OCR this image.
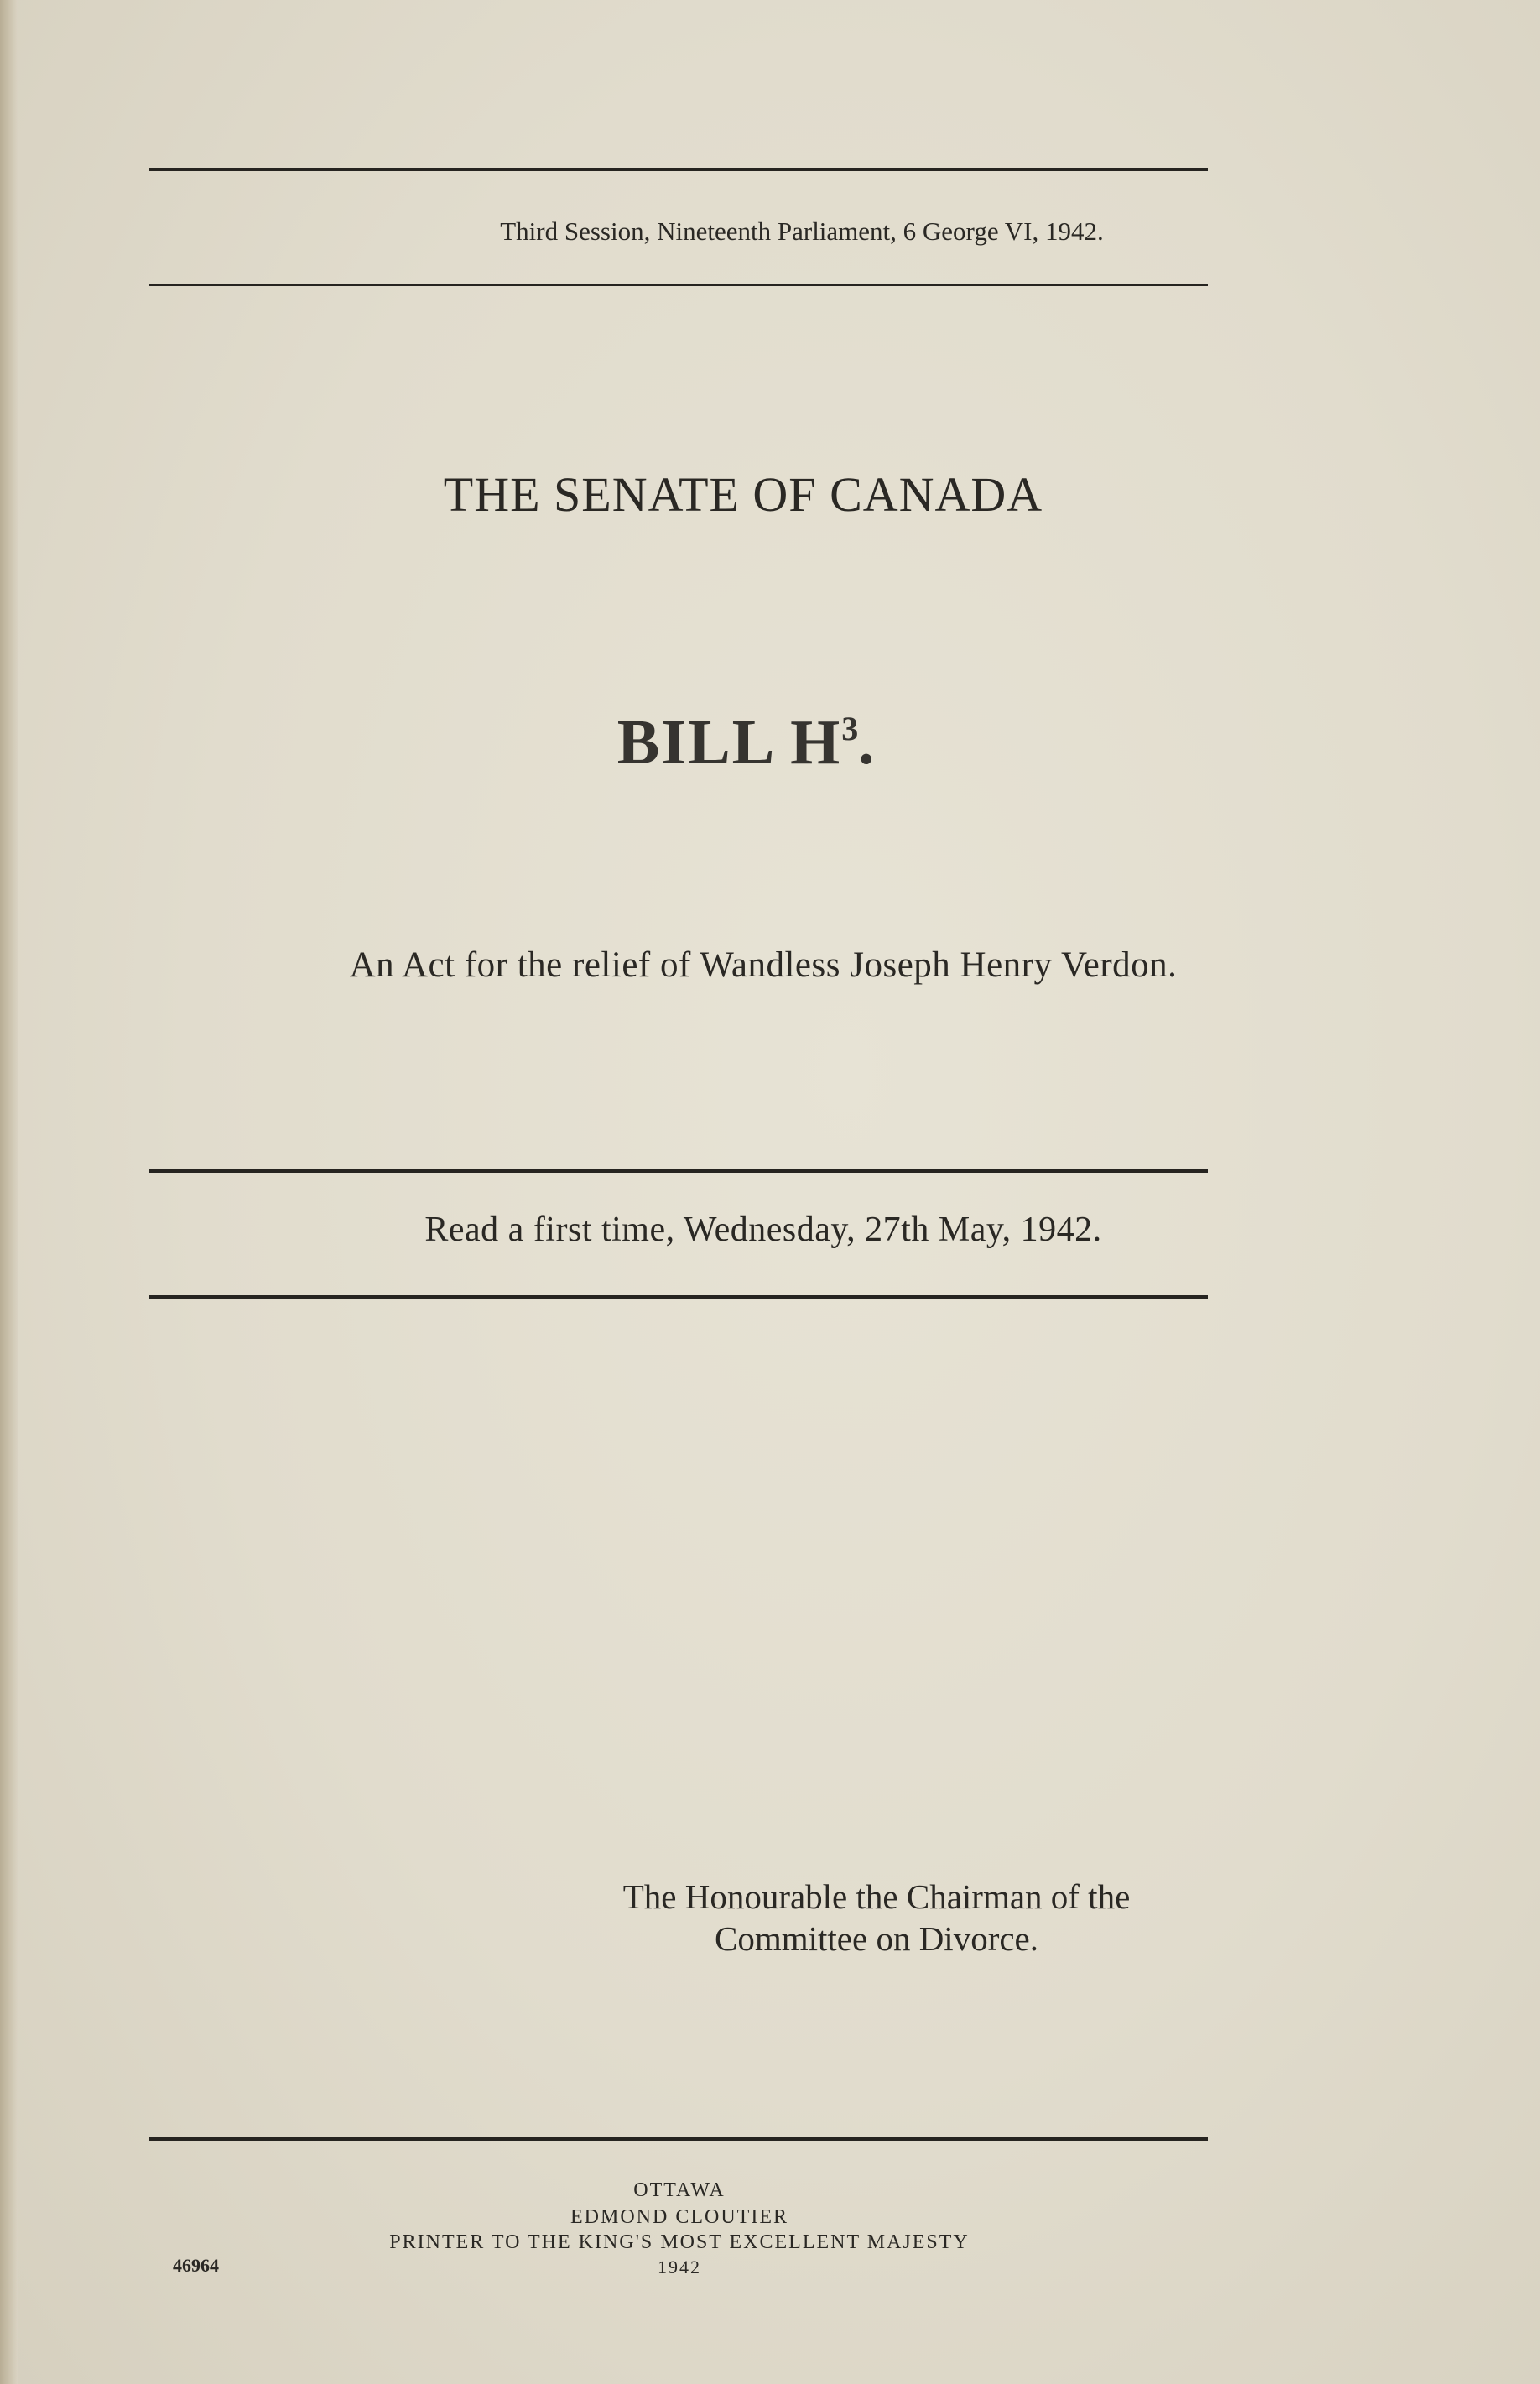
Third Session, Nineteenth Parliament, 6 George VI, 1942.
THE SENATE OF CANADA
BILL $H^3$.
An Act for the relief of Wandless Joseph Henry Verdon.
Read a first time, Wednesday, 27th May, 1942.
The Honourable the Chairman of the
Committee on Divorce.
OTTAWA
EDMOND CLOUTIER
PRINTER TO THE KING'S MOST EXCELLENT MAJESTY
1942
46964
